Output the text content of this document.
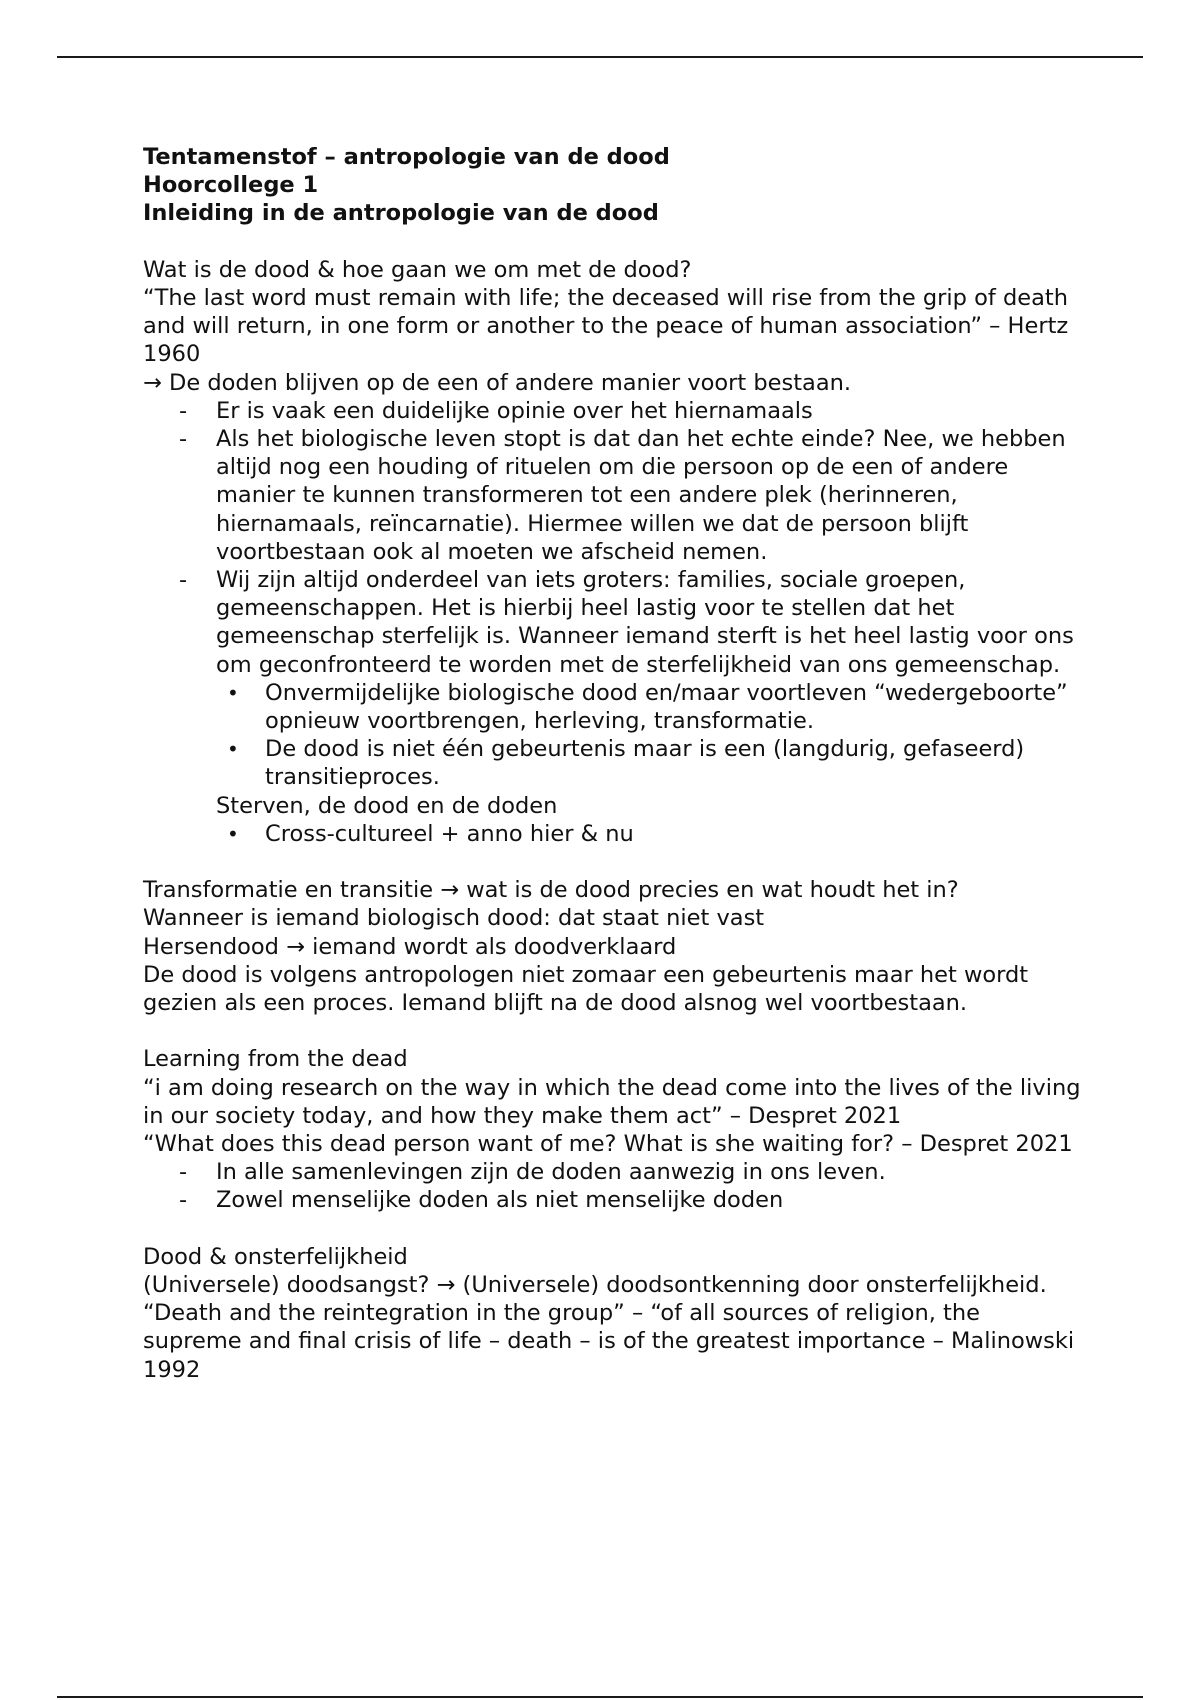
Tentamenstof – antropologie van de dood
Hoorcollege 1
Inleiding in de antropologie van de dood
Wat is de dood & hoe gaan we om met de dood?
“The last word must remain with life; the deceased will rise from the grip of death and will return, in one form or another to the peace of human association” – Hertz 1960
→ De doden blijven op de een of andere manier voort bestaan.
- Er is vaak een duidelijke opinie over het hiernamaals
- Als het biologische leven stopt is dat dan het echte einde? Nee, we hebben altijd nog een houding of rituelen om die persoon op de een of andere manier te kunnen transformeren tot een andere plek (herinneren, hiernamaals, reïncarnatie). Hiermee willen we dat de persoon blijft voortbestaan ook al moeten we afscheid nemen.
- Wij zijn altijd onderdeel van iets groters: families, sociale groepen, gemeenschappen. Het is hierbij heel lastig voor te stellen dat het gemeenschap sterfelijk is. Wanneer iemand sterft is het heel lastig voor ons om geconfronteerd te worden met de sterfelijkheid van ons gemeenschap.
• Onvermijdelijke biologische dood en/maar voortleven “wedergeboorte” opnieuw voortbrengen, herleving, transformatie.
• De dood is niet één gebeurtenis maar is een (langdurig, gefaseerd) transitieproces.
Sterven, de dood en de doden
• Cross-cultureel + anno hier & nu
Transformatie en transitie → wat is de dood precies en wat houdt het in?
Wanneer is iemand biologisch dood: dat staat niet vast
Hersendood → iemand wordt als doodverklaard
De dood is volgens antropologen niet zomaar een gebeurtenis maar het wordt gezien als een proces. Iemand blijft na de dood alsnog wel voortbestaan.
Learning from the dead
“i am doing research on the way in which the dead come into the lives of the living in our society today, and how they make them act” – Despret 2021
“What does this dead person want of me? What is she waiting for? – Despret 2021
- In alle samenlevingen zijn de doden aanwezig in ons leven.
- Zowel menselijke doden als niet menselijke doden
Dood & onsterfelijkheid
(Universele) doodsangst? → (Universele) doodsontkenning door onsterfelijkheid.
“Death and the reintegration in the group” – “of all sources of religion, the supreme and final crisis of life – death – is of the greatest importance – Malinowski 1992
